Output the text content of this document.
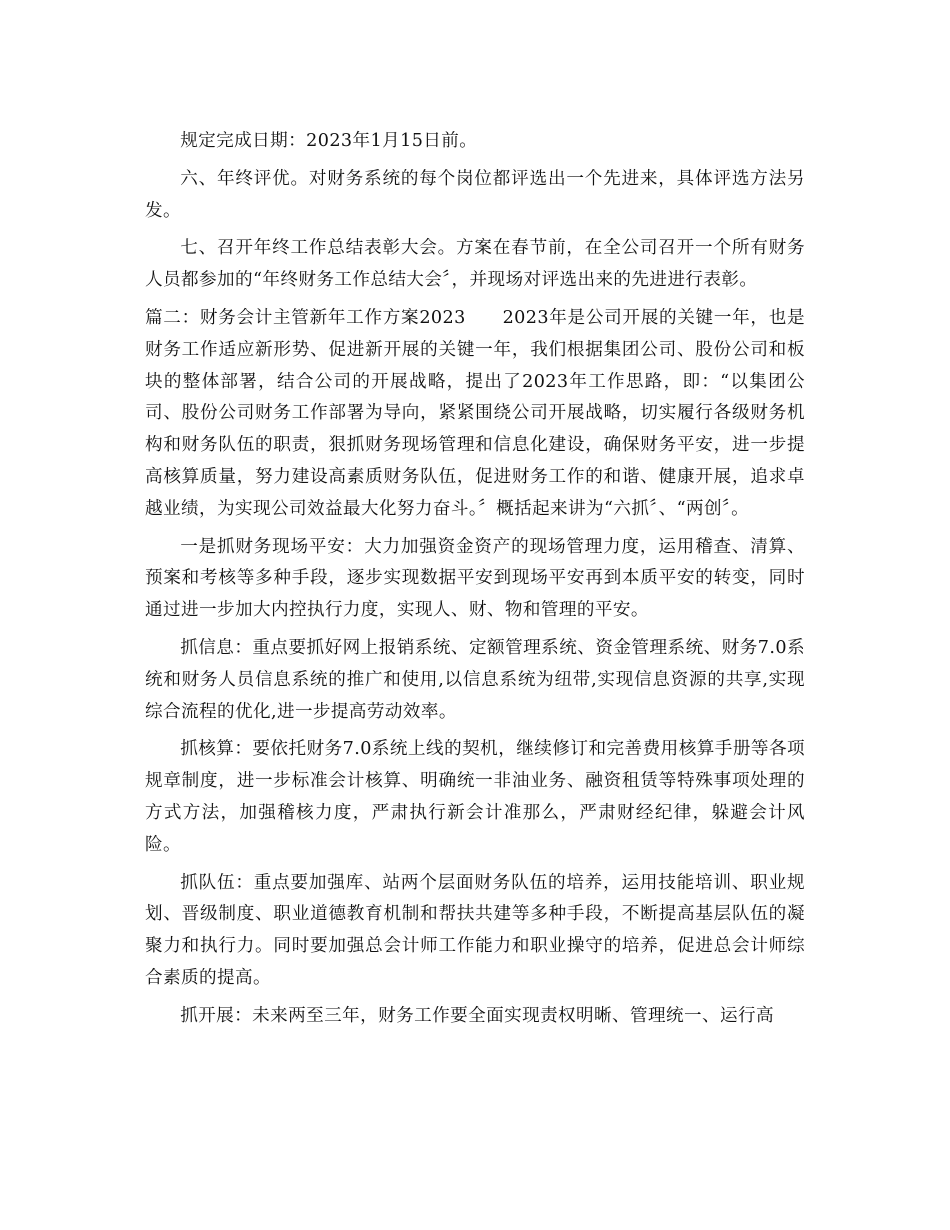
规定完成日期：2023年1月15日前。

六、年终评优。对财务系统的每个岗位都评选出一个先进来，具体评选方法另发。

七、召开年终工作总结表彰大会。方案在春节前，在全公司召开一个所有财务人员都参加的“年终财务工作总结大会〞，并现场对评选出来的先进进行表彰。

篇二：财务会计主管新年工作方案2023　　2023年是公司开展的关键一年，也是财务工作适应新形势、促进新开展的关键一年，我们根据集团公司、股份公司和板块的整体部署，结合公司的开展战略，提出了2023年工作思路，即：“以集团公司、股份公司财务工作部署为导向，紧紧围绕公司开展战略，切实履行各级财务机构和财务队伍的职责，狠抓财务现场管理和信息化建设，确保财务平安，进一步提高核算质量，努力建设高素质财务队伍，促进财务工作的和谐、健康开展，追求卓越业绩，为实现公司效益最大化努力奋斗。〞概括起来讲为“六抓〞、“两创〞。

一是抓财务现场平安：大力加强资金资产的现场管理力度，运用稽查、清算、预案和考核等多种手段，逐步实现数据平安到现场平安再到本质平安的转变，同时通过进一步加大内控执行力度，实现人、财、物和管理的平安。

抓信息：重点要抓好网上报销系统、定额管理系统、资金管理系统、财务7.0系统和财务人员信息系统的推广和使用,以信息系统为纽带,实现信息资源的共享,实现综合流程的优化,进一步提高劳动效率。

抓核算：要依托财务7.0系统上线的契机，继续修订和完善费用核算手册等各项规章制度，进一步标准会计核算、明确统一非油业务、融资租赁等特殊事项处理的方式方法，加强稽核力度，严肃执行新会计准那么，严肃财经纪律，躲避会计风险。

抓队伍：重点要加强库、站两个层面财务队伍的培养，运用技能培训、职业规划、晋级制度、职业道德教育机制和帮扶共建等多种手段，不断提高基层队伍的凝聚力和执行力。同时要加强总会计师工作能力和职业操守的培养，促进总会计师综合素质的提高。

抓开展：未来两至三年，财务工作要全面实现责权明晰、管理统一、运行高
